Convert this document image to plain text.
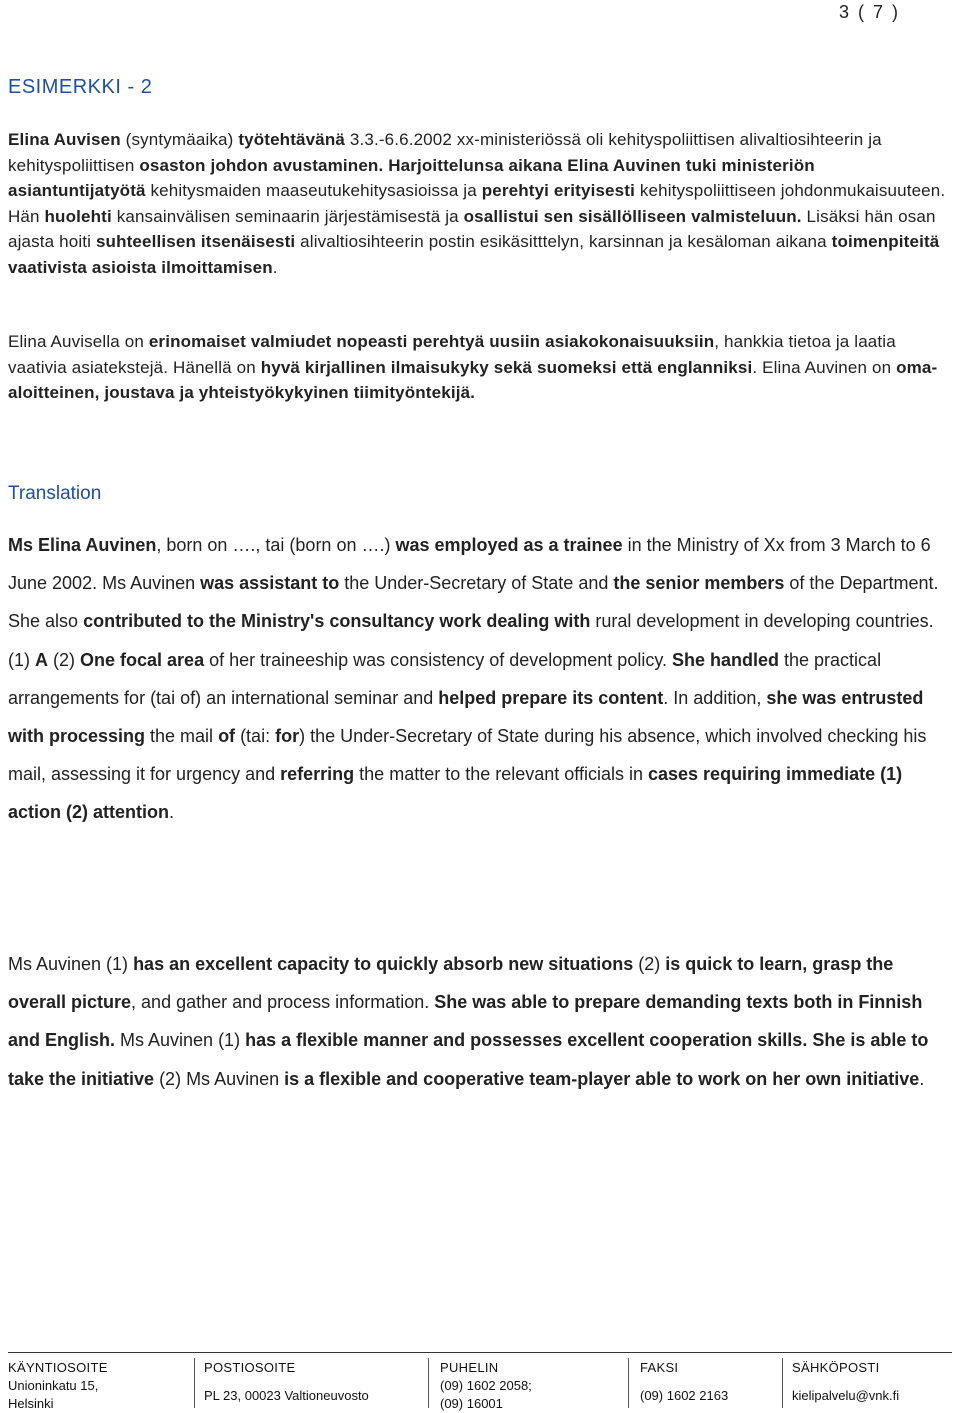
3 ( 7 )
ESIMERKKI - 2
Elina Auvisen (syntymäaika) työtehtävänä 3.3.-6.6.2002 xx-ministeriössä oli kehityspoliittisen alivaltiosihteerin ja kehityspoliittisen osaston johdon avustaminen. Harjoittelunsa aikana Elina Auvinen tuki ministeriön asiantuntijatyötä kehitysmaiden maaseutukehitysasioissa ja perehtyi erityisesti kehityspoliittiseen johdonmukaisuuteen. Hän huolehti kansainvälisen seminaarin järjestämisestä ja osallistui sen sisällölliseen valmisteluun. Lisäksi hän osan ajasta hoiti suhteellisen itsenäisesti alivaltiosihteerin postin esikäsitttelyn, karsinnan ja kesäloman aikana toimenpiteitä vaativista asioista ilmoittamisen.
Elina Auvisella on erinomaiset valmiudet nopeasti perehtyä uusiin asiakokonaisuuksiin, hankkia tietoa ja laatia vaativia asiatekstejä. Hänellä on hyvä kirjallinen ilmaisukyky sekä suomeksi että englanniksi. Elina Auvinen on oma-aloitteinen, joustava ja yhteistyökykyinen tiimityöntekijä.
Translation
Ms Elina Auvinen, born on …., tai (born on ….) was employed as a trainee in the Ministry of Xx from 3 March to 6 June 2002. Ms Auvinen was assistant to the Under-Secretary of State and the senior members of the Department. She also contributed to the Ministry's consultancy work dealing with rural development in developing countries. (1) A (2) One focal area of her traineeship was consistency of development policy. She handled the practical arrangements for (tai of) an international seminar and helped prepare its content. In addition, she was entrusted with processing the mail of (tai: for) the Under-Secretary of State during his absence, which involved checking his mail, assessing it for urgency and referring the matter to the relevant officials in cases requiring immediate (1) action (2) attention.
Ms Auvinen (1) has an excellent capacity to quickly absorb new situations (2) is quick to learn, grasp the overall picture, and gather and process information. She was able to prepare demanding texts both in Finnish and English. Ms Auvinen (1) has a flexible manner and possesses excellent cooperation skills. She is able to take the initiative (2) Ms Auvinen is a flexible and cooperative team-player able to work on her own initiative.
KÄYNTIOSOITE
Unioninkatu 15,
Helsinki
POSTIOSOITE
PL 23, 00023 Valtioneuvosto
PUHELIN
(09) 1602 2058;
(09) 16001
FAKSI
(09) 1602 2163
SÄHKÖPOSTI
kielipalvelu@vnk.fi
